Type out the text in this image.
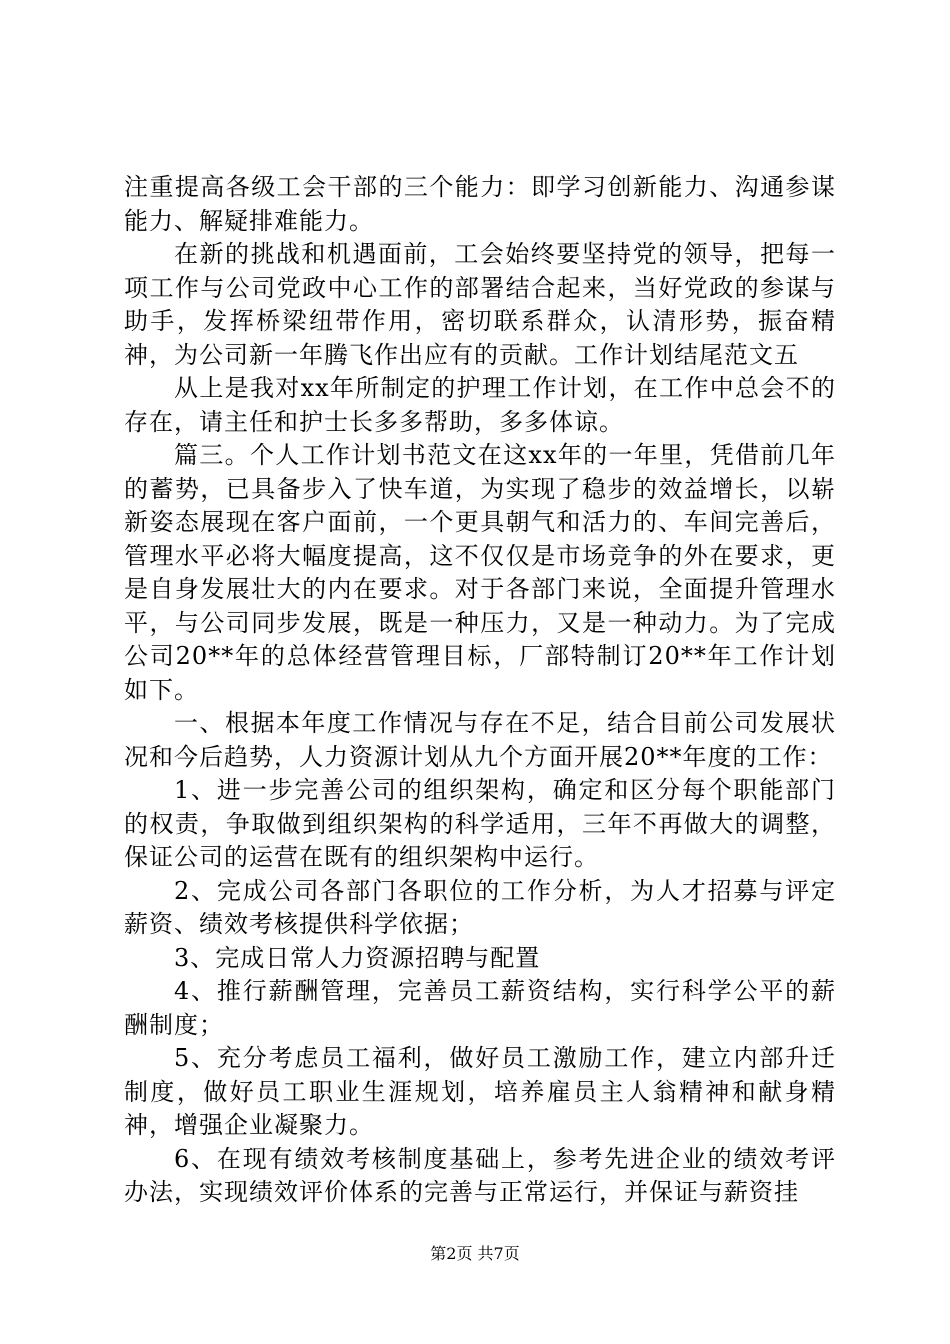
注重提高各级工会干部的三个能力：即学习创新能力、沟通参谋能力、解疑排难能力。

在新的挑战和机遇面前，工会始终要坚持党的领导，把每一项工作与公司党政中心工作的部署结合起来，当好党政的参谋与助手，发挥桥梁纽带作用，密切联系群众，认清形势，振奋精神，为公司新一年腾飞作出应有的贡献。工作计划结尾范文五

从上是我对xx年所制定的护理工作计划，在工作中总会不的存在，请主任和护士长多多帮助，多多体谅。

篇三。个人工作计划书范文在这xx年的一年里，凭借前几年的蓄势，已具备步入了快车道，为实现了稳步的效益增长，以崭新姿态展现在客户面前，一个更具朝气和活力的、车间完善后，管理水平必将大幅度提高，这不仅仅是市场竞争的外在要求，更是自身发展壮大的内在要求。对于各部门来说，全面提升管理水平，与公司同步发展，既是一种压力，又是一种动力。为了完成公司20**年的总体经营管理目标，厂部特制订20**年工作计划如下。

一、根据本年度工作情况与存在不足，结合目前公司发展状况和今后趋势，人力资源计划从九个方面开展20**年度的工作：

1、进一步完善公司的组织架构，确定和区分每个职能部门的权责，争取做到组织架构的科学适用，三年不再做大的调整，保证公司的运营在既有的组织架构中运行。

2、完成公司各部门各职位的工作分析，为人才招募与评定薪资、绩效考核提供科学依据；

3、完成日常人力资源招聘与配置

4、推行薪酬管理，完善员工薪资结构，实行科学公平的薪酬制度；

5、充分考虑员工福利，做好员工激励工作，建立内部升迁制度，做好员工职业生涯规划，培养雇员主人翁精神和献身精神，增强企业凝聚力。

6、在现有绩效考核制度基础上，参考先进企业的绩效考评办法，实现绩效评价体系的完善与正常运行，并保证与薪资挂

第2页 共7页
